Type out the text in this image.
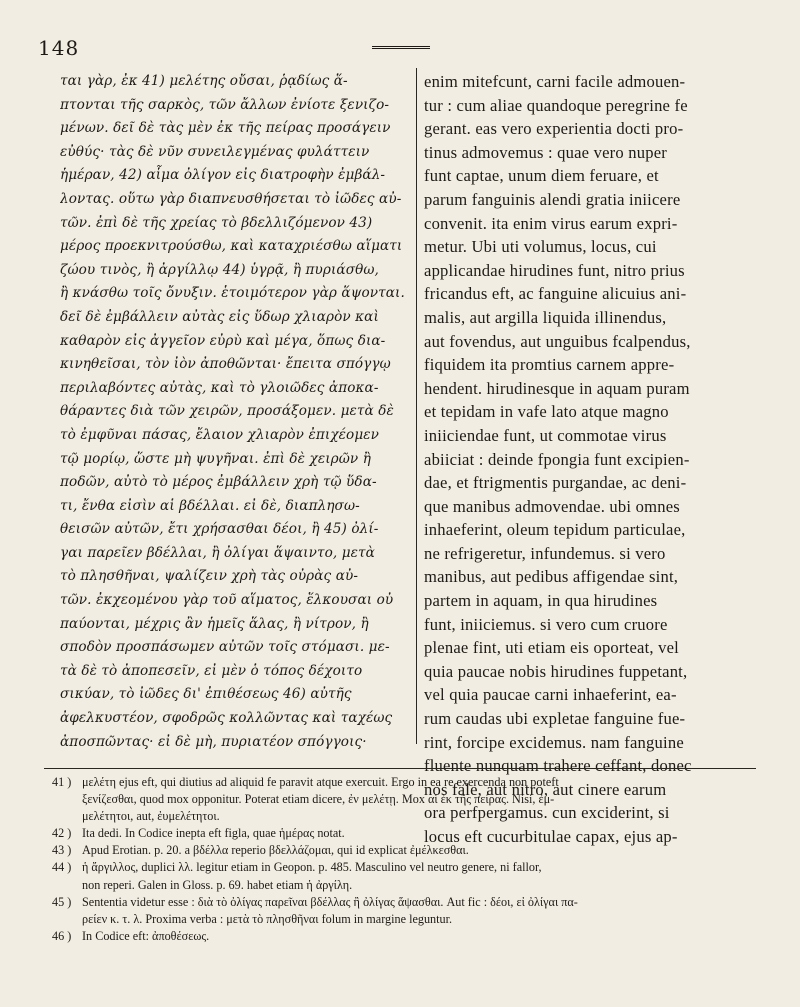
148
ται γὰρ, ἐκ 41) μελέτης οὔσαι, ῥᾳδίως ἅ-
πτονται τῆς σαρκὸς, τῶν ἄλλων ἐνίοτε ξενιζο-
μένων. δεῖ δὲ τὰς μὲν ἐκ τῆς πείρας προσάγειν
εὐθύς· τὰς δὲ νῦν συνειλεγμένας φυλάττειν
ἡμέραν, 42) αἷμα ὀλίγον εἰς διατροφὴν ἐμβάλ-
λοντας. οὕτω γὰρ διαπνευσθήσεται τὸ ἰῶδες αὐ-
τῶν. ἐπὶ δὲ τῆς χρείας τὸ βδελλιζόμενον 43)
μέρος προεκνιτρούσθω, καὶ καταχριέσθω αἵματι
ζώου τινὸς, ἢ ἀργίλλῳ 44) ὑγρᾷ, ἢ πυριάσθω,
ἢ κνάσθω τοῖς ὄνυξιν. ἑτοιμότερον γὰρ ἅψονται.
δεῖ δὲ ἐμβάλλειν αὐτὰς εἰς ὕδωρ χλιαρὸν καὶ
καθαρὸν εἰς ἀγγεῖον εὐρὺ καὶ μέγα, ὅπως δια-
κινηθεῖσαι, τὸν ἰὸν ἀποθῶνται· ἔπειτα σπόγγῳ
περιλαβόντες αὐτὰς, καὶ τὸ γλοιῶδες ἀποκα-
θάραντες διὰ τῶν χειρῶν, προσάξομεν. μετὰ δὲ
τὸ ἐμφῦναι πάσας, ἔλαιον χλιαρὸν ἐπιχέομεν
τῷ μορίῳ, ὥστε μὴ ψυγῆναι. ἐπὶ δὲ χειρῶν ἢ
ποδῶν, αὐτὸ τὸ μέρος ἐμβάλλειν χρὴ τῷ ὕδα-
τι, ἔνθα εἰσὶν αἱ βδέλλαι. εἰ δὲ, διαπλησω-
θεισῶν αὐτῶν, ἔτι χρήσασθαι δέοι, ἢ 45) ὀλί-
γαι παρεῖεν βδέλλαι, ἢ ὀλίγαι ἅψαιντο, μετὰ
τὸ πλησθῆναι, ψαλίζειν χρὴ τὰς οὐρὰς αὐ-
τῶν. ἐκχεομένου γὰρ τοῦ αἵματος, ἕλκουσαι οὐ
παύονται, μέχρις ἂν ἡμεῖς ἅλας, ἢ νίτρον, ἢ
σποδὸν προσπάσωμεν αὐτῶν τοῖς στόμασι. με-
τὰ δὲ τὸ ἀποπεσεῖν, εἰ μὲν ὁ τόπος δέχοιτο
σικύαν, τὸ ἰῶδες δι' ἐπιθέσεως 46) αὐτῆς
ἀφελκυστέον, σφοδρῶς κολλῶντας καὶ ταχέως
ἀποσπῶντας· εἰ δὲ μὴ, πυριατέον σπόγγοις·
enim mitefcunt, carni facile admouen-
tur : cum aliae quandoque peregrine fe
gerant. eas vero experientia docti pro-
tinus admovemus : quae vero nuper
funt captae, unum diem feruare, et
parum fanguinis alendi gratia iniicere
convenit. ita enim virus earum expri-
metur. Ubi uti volumus, locus, cui
applicandae hirudines funt, nitro prius
fricandus eft, ac fanguine alicuius ani-
malis, aut argilla liquida illinendus,
aut fovendus, aut unguibus fcalpendus,
fiquidem ita promtius carnem appre-
hendent. hirudinesque in aquam puram
et tepidam in vafe lato atque magno
iniiciendae funt, ut commotae virus
abiiciat : deinde fpongia funt excipien-
dae, et ftrigmentis purgandae, ac deni-
que manibus admovendae. ubi omnes
inhaeferint, oleum tepidum particulae,
ne refrigeretur, infundemus. si vero
manibus, aut pedibus affigendae sint,
partem in aquam, in qua hirudines
funt, iniiciemus. si vero cum cruore
plenae fint, uti etiam eis oporteat, vel
quia paucae nobis hirudines fuppetant,
vel quia paucae carni inhaeferint, ea-
rum caudas ubi expletae fanguine fue-
rint, forcipe excidemus. nam fanguine
fluente nunquam trahere ceffant, donec
nos fale, aut nitro, aut cinere earum
ora perfpergamus. cun exciderint, si
locus eft cucurbitulae capax, ejus ap-
41 ) μελέτη ejus eft, qui diutius ad aliquid fe paravit atque exercuit. Ergo in ea re exercenda non poteft
ξενίζεσθαι, quod mox opponitur. Poterat etiam dicere, ἐν μελέτῃ. Mox αἱ ἐκ τῆς πείρας. Nisi, ἐμ-
μελέτητοι, aut, ἐυμελέτητοι.
42 ) Ita dedi. In Codice inepta eft figla, quae ἡμέρας notat.
43 ) Apud Erotian. p. 20. a βδέλλα reperio βδελλάζομαι, qui id explicat ἐμέλκεσθαι.
44 ) ἡ ἄργιλλος, duplici λλ. legitur etiam in Geopon. p. 485. Masculino vel neutro genere, ni fallor,
non reperi. Galen in Gloss. p. 69. habet etiam ἡ ἀργίλη.
45 ) Sententia videtur esse : διὰ τὸ ὀλίγας παρεῖναι βδέλλας ἢ ὀλίγας ἅψασθαι. Aut fic : δέοι, εἰ ὀλίγαι πα-
ρείεν κ. τ. λ. Proxima verba : μετὰ τὸ πλησθῆναι folum in margine leguntur.
46 ) In Codice eft: ἀποθέσεως.
